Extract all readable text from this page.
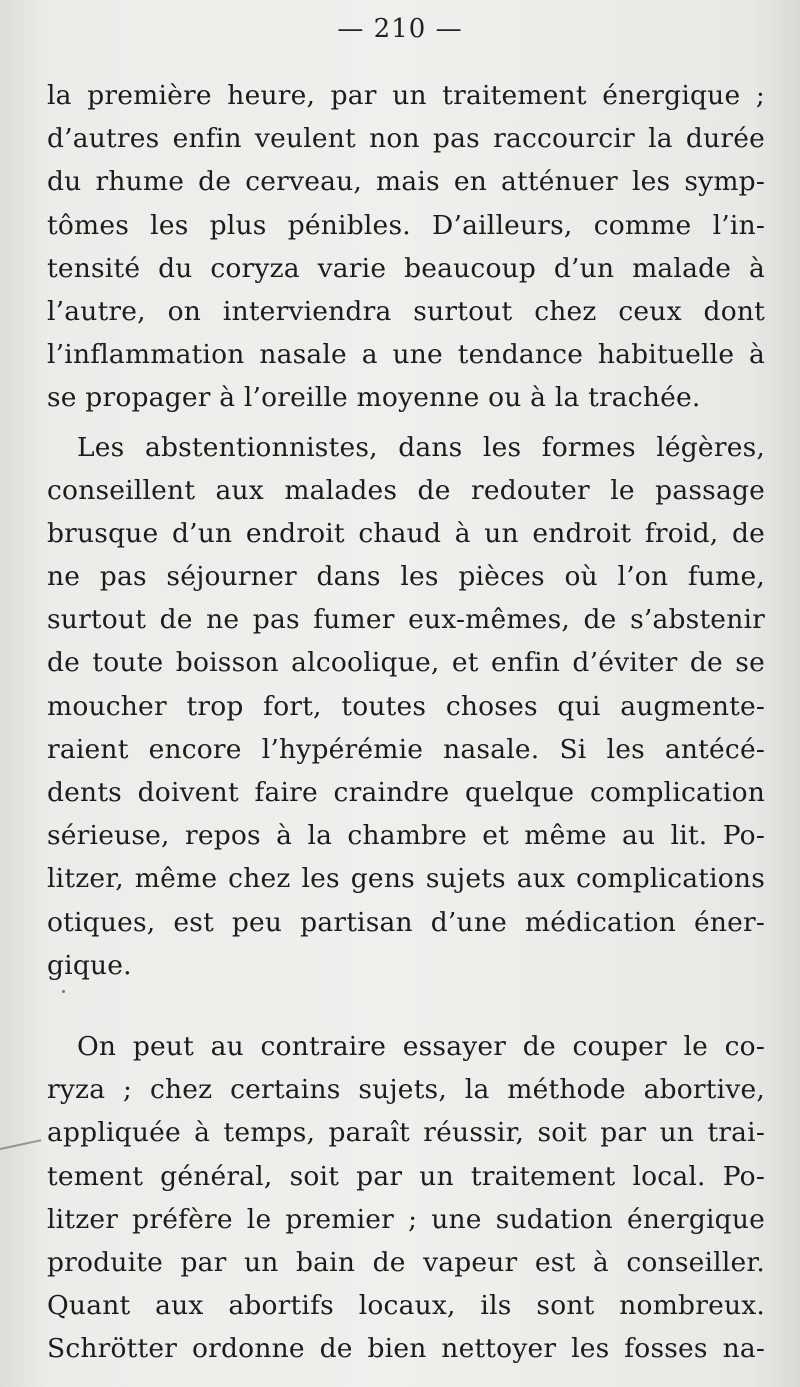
— 210 —
la première heure, par un traitement énergique ;
d’autres enfin veulent non pas raccourcir la durée
du rhume de cerveau, mais en atténuer les symp-
tômes les plus pénibles. D’ailleurs, comme l’in-
tensité du coryza varie beaucoup d’un malade à
l’autre, on interviendra surtout chez ceux dont
l’inflammation nasale a une tendance habituelle à
se propager à l’oreille moyenne ou à la trachée.
Les abstentionnistes, dans les formes légères,
conseillent aux malades de redouter le passage
brusque d’un endroit chaud à un endroit froid, de
ne pas séjourner dans les pièces où l’on fume,
surtout de ne pas fumer eux-mêmes, de s’abstenir
de toute boisson alcoolique, et enfin d’éviter de se
moucher trop fort, toutes choses qui augmente-
raient encore l’hypérémie nasale. Si les antécé-
dents doivent faire craindre quelque complication
sérieuse, repos à la chambre et même au lit. Po-
litzer, même chez les gens sujets aux complications
otiques, est peu partisan d’une médication éner-
gique.
On peut au contraire essayer de couper le co-
ryza ; chez certains sujets, la méthode abortive,
appliquée à temps, paraît réussir, soit par un trai-
tement général, soit par un traitement local. Po-
litzer préfère le premier ; une sudation énergique
produite par un bain de vapeur est à conseiller.
Quant aux abortifs locaux, ils sont nombreux.
Schrötter ordonne de bien nettoyer les fosses na-
